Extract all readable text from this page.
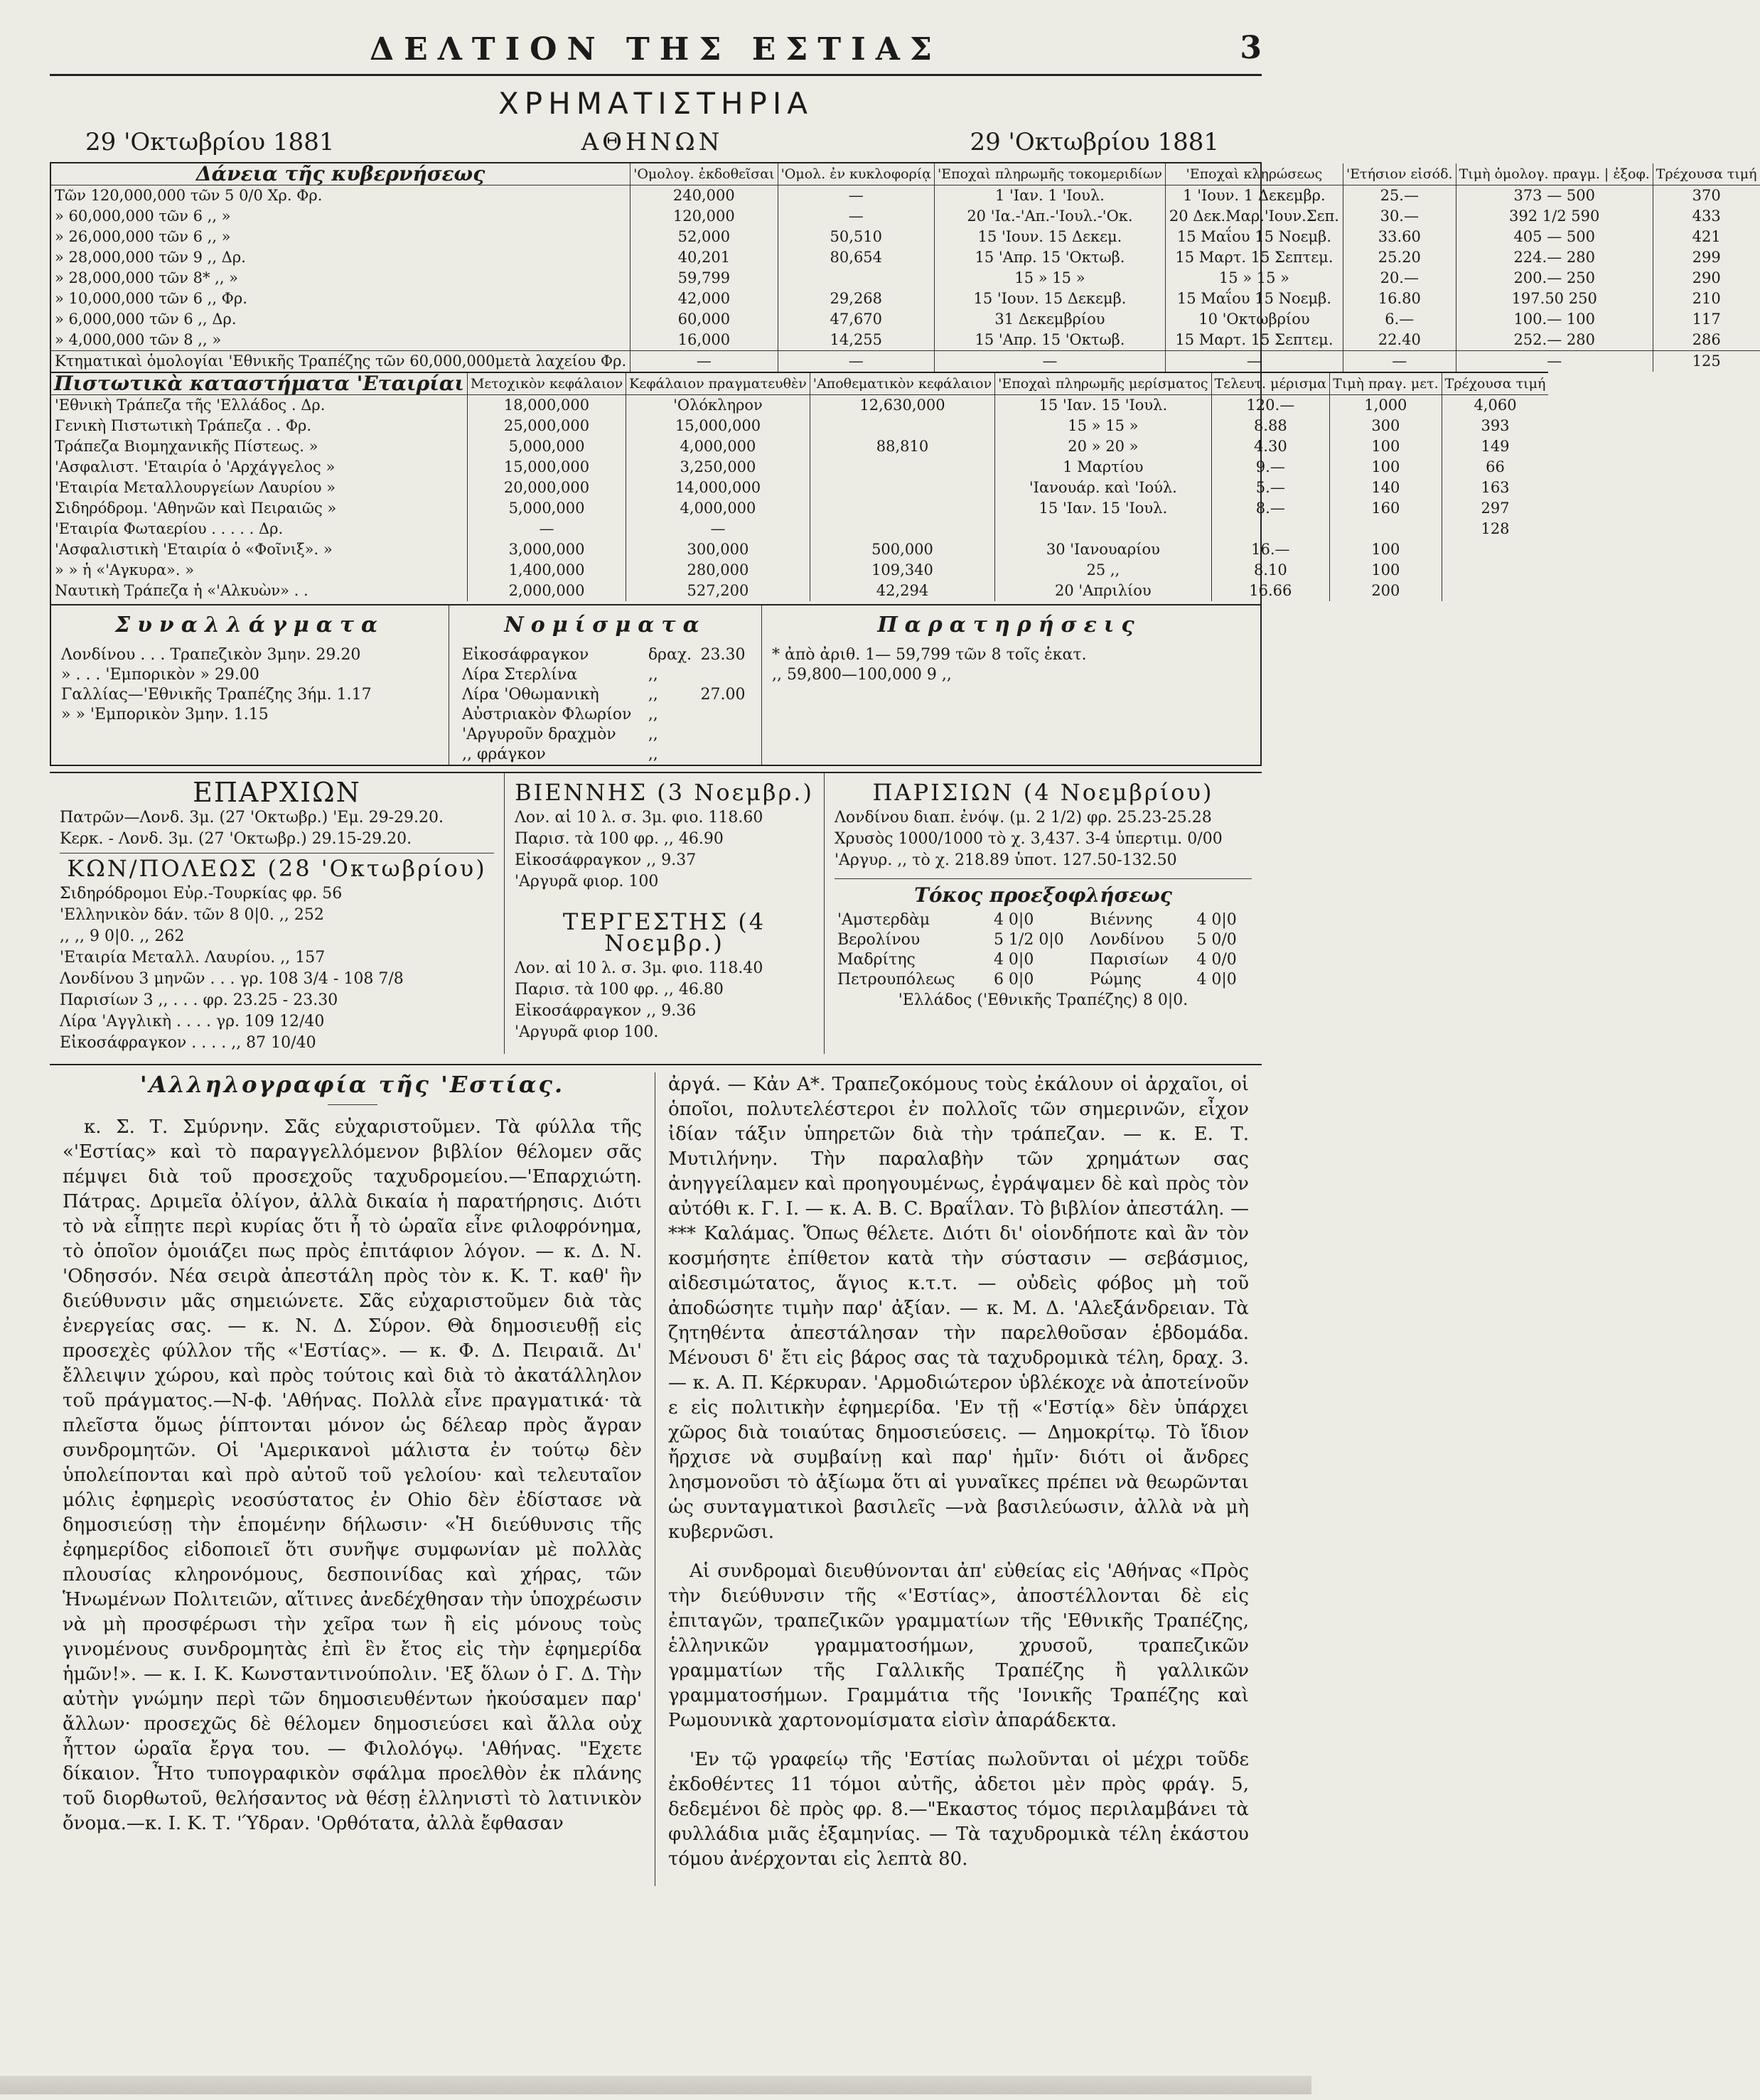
ΔΕΛΤΙΟΝ ΤΗΣ ΕΣΤΙΑΣ	3
ΧΡΗΜΑΤΙΣΤΗΡΙΑ
29 'Οκτωβρίου 1881	ΑΘΗΝΩΝ	29 'Οκτωβρίου 1881
Δάνεια τῆς κυβερνήσεως	'Ομολογ. ἐκδοθεῖσαι	'Ομολ. ἐν κυκλοφορίᾳ	'Εποχαὶ πληρωμῆς τοκομεριδίων	'Εποχαὶ κληρώσεως	'Ετήσιον εἰσόδ.	Τιμὴ ὁμολογ. πραγμ. | ἐξοφ.	Τρέχουσα τιμή
Τῶν 120,000,000 τῶν 5 0/0 Χρ. Φρ.	240,000	—	1 'Ιαν. 1 'Ιουλ.	1 'Ιουν. 1 Δεκεμβρ.	25.—	373 — 500	370
» 60,000,000 τῶν 6 ,, »	120,000	—	20 'Ια.-'Απ.-'Ιουλ.-'Οκ.	20 Δεκ.Μαρ.'Ιουν.Σεπ.	30.—	392 1/2 590	433
» 26,000,000 τῶν 6 ,, »	52,000	50,510	15 'Ιουν. 15 Δεκεμ.	15 Μαΐου 15 Νοεμβ.	33.60	405 — 500	421
» 28,000,000 τῶν 9 ,, Δρ.	40,201	80,654	15 'Απρ. 15 'Οκτωβ.	15 Μαρτ. 15 Σεπτεμ.	25.20	224.— 280	299
» 28,000,000 τῶν 8* ,, »	59,799		15 » 15 »	15 » 15 »	20.—	200.— 250	290
» 10,000,000 τῶν 6 ,, Φρ.	42,000	29,268	15 'Ιουν. 15 Δεκεμβ.	15 Μαΐου 15 Νοεμβ.	16.80	197.50 250	210
» 6,000,000 τῶν 6 ,, Δρ.	60,000	47,670	31 Δεκεμβρίου	10 'Οκτωβρίου	6.—	100.— 100	117
» 4,000,000 τῶν 8 ,, »	16,000	14,255	15 'Απρ. 15 'Οκτωβ.	15 Μαρτ. 15 Σεπτεμ.	22.40	252.— 280	286
Κτηματικαὶ ὁμολογίαι 'Εθνικῆς Τραπέζης τῶν 60,000,000μετὰ λαχείου Φρ.	—	—	—	—	—	—	125
Πιστωτικὰ καταστήματα 'Εταιρίαι	Μετοχικὸν κεφάλαιον	Κεφάλαιον πραγματευθὲν	'Αποθεματικὸν κεφάλαιον	'Εποχαὶ πληρωμῆς μερίσματος	Τελευτ. μέρισμα	Τιμὴ πραγ. μετ.	Τρέχουσα τιμή
'Εθνικὴ Τράπεζα τῆς 'Ελλάδος . Δρ.	18,000,000	'Ολόκληρον	12,630,000	15 'Ιαν. 15 'Ιουλ.	120.—	1,000	4,060
Γενικὴ Πιστωτικὴ Τράπεζα . . Φρ.	25,000,000	15,000,000		15 » 15 »	8.88	300	393
Τράπεζα Βιομηχανικῆς Πίστεως. »	5,000,000	4,000,000	88,810	20 » 20 »	4.30	100	149
'Ασφαλιστ. 'Εταιρία ὁ 'Αρχάγγελος »	15,000,000	3,250,000		1 Μαρτίου	9.—	100	66
'Εταιρία Μεταλλουργείων Λαυρίου »	20,000,000	14,000,000		'Ιανουάρ. καὶ 'Ιούλ.	5.—	140	163
Σιδηρόδρομ. 'Αθηνῶν καὶ Πειραιῶς »	5,000,000	4,000,000		15 'Ιαν. 15 'Ιουλ.	8.—	160	297
'Εταιρία Φωταερίου . . . . . Δρ.	—	—					128
'Ασφαλιστικὴ 'Εταιρία ὁ «Φοῖνιξ». »	3,000,000	300,000	500,000	30 'Ιανουαρίου	16.—	100	
» » ἡ «'Αγκυρα». »	1,400,000	280,000	109,340	25 ,,	8.10	100	
Ναυτικὴ Τράπεζα ἡ «'Αλκυὼν» . .	2,000,000	527,200	42,294	20 'Απριλίου	16.66	200	
Συναλλάγματα
Λονδίνου . . . Τραπεζικὸν 3μην. 29.20
» . . . 'Εμπορικὸν » 29.00
Γαλλίας—'Εθνικῆς Τραπέζης 3ήμ. 1.17
» » 'Εμπορικὸν 3μην. 1.15
Νομίσματα
Εἰκοσάφραγκον	δραχ.	23.30
Λίρα Στερλίνα	,,	
Λίρα 'Οθωμανικὴ	,,	27.00
Αὐστριακὸν Φλωρίον	,,	
'Αργυροῦν δραχμὸν	,,	
,, φράγκον	,,	
Παρατηρήσεις
* ἀπὸ ἀριθ. 1— 59,799 τῶν 8 τοῖς ἑκατ.
,, 59,800—100,000 9 ,,
ΕΠΑΡΧΙΩΝ
Πατρῶν—Λονδ. 3μ. (27 'Οκτωβρ.) 'Εμ. 29-29.20.
Κερκ. - Λονδ. 3μ. (27 'Οκτωβρ.) 29.15-29.20.
ΚΩΝ/ΠΟΛΕΩΣ (28 'Οκτωβρίου)
Σιδηρόδρομοι Εὐρ.-Τουρκίας φρ. 56
'Ελληνικὸν δάν. τῶν 8 0|0. ,, 252
,, ,, 9 0|0. ,, 262
'Εταιρία Μεταλλ. Λαυρίου. ,, 157
Λονδίνου 3 μηνῶν . . . γρ. 108 3/4 - 108 7/8
Παρισίων 3 ,, . . . φρ. 23.25 - 23.30
Λίρα 'Αγγλικὴ . . . . γρ. 109 12/40
Εἰκοσάφραγκον . . . . ,, 87 10/40
ΒΙΕΝΝΗΣ (3 Νοεμβρ.)
Λον. αἱ 10 λ. σ. 3μ. φιο. 118.60
Παρισ. τὰ 100 φρ. ,, 46.90
Εἰκοσάφραγκον ,, 9.37
'Αργυρᾶ φιορ. 100
ΤΕΡΓΕΣΤΗΣ (4 Νοεμβρ.)
Λον. αἱ 10 λ. σ. 3μ. φιο. 118.40
Παρισ. τὰ 100 φρ. ,, 46.80
Εἰκοσάφραγκον ,, 9.36
'Αργυρᾶ φιορ 100.
ΠΑΡΙΣΙΩΝ (4 Νοεμβρίου)
Λονδίνου διαπ. ἐνόψ. (μ. 2 1/2) φρ. 25.23-25.28
Χρυσὸς 1000/1000 τὸ χ. 3,437. 3-4 ὑπερτιμ. 0/00
'Αργυρ. ,, τὸ χ. 218.89 ὑποτ. 127.50-132.50
Τόκος προεξοφλήσεως
'Αμστερδὰμ	4 0|0	Βιέννης	4 0|0
Βερολίνου	5 1/2 0|0	Λονδίνου	5 0/0
Μαδρίτης	4 0|0	Παρισίων	4 0/0
Πετρουπόλεως	6 0|0	Ρώμης	4 0|0
'Ελλάδος ('Εθνικῆς Τραπέζης) 8 0|0.
'Αλληλογραφία τῆς 'Εστίας.

κ. Σ. Τ. Σμύρνην. Σᾶς εὐχαριστοῦμεν. Τὰ φύλλα τῆς «'Εστίας» καὶ τὸ παραγγελλόμενον βιβλίον θέλομεν σᾶς πέμψει διὰ τοῦ προσεχοῦς ταχυδρομείου.—'Επαρχιώτη. Πάτρας. Δριμεῖα ὀλίγον, ἀλλὰ δικαία ἡ παρατήρησις. Διότι τὸ νὰ εἶπῃτε περὶ κυρίας ὅτι ἦ τὸ ὡραῖα εἶνε φιλοφρόνημα, τὸ ὁποῖον ὁμοιάζει πως πρὸς ἐπιτάφιον λόγον. — κ. Δ. Ν. 'Οδησσόν. Νέα σειρὰ ἀπεστάλη πρὸς τὸν κ. Κ. Τ. καθ' ἣν διεύθυνσιν μᾶς σημειώνετε. Σᾶς εὐχαριστοῦμεν διὰ τὰς ἐνεργείας σας. — κ. Ν. Δ. Σύρον. Θὰ δημοσιευθῇ εἰς προσεχὲς φύλλον τῆς «'Εστίας». — κ. Φ. Δ. Πειραιᾶ. Δι' ἔλλειψιν χώρου, καὶ πρὸς τούτοις καὶ διὰ τὸ ἀκατάλληλον τοῦ πράγματος.—Ν-ϕ. 'Αθήνας. Πολλὰ εἶνε πραγματικά· τὰ πλεῖστα ὅμως ῥίπτονται μόνον ὡς δέλεαρ πρὸς ἄγραν συνδρομητῶν. Οἱ 'Αμερικανοὶ μάλιστα ἐν τούτῳ δὲν ὑπολείπονται καὶ πρὸ αὐτοῦ τοῦ γελοίου· καὶ τελευταῖον μόλις ἐφημερὶς νεοσύστατος ἐν Ohio δὲν ἐδίστασε νὰ δημοσιεύσῃ τὴν ἑπομένην δήλωσιν· «Ἡ διεύθυνσις τῆς ἐφημερίδος εἰδοποιεῖ ὅτι συνῆψε συμφωνίαν μὲ πολλὰς πλουσίας κληρονόμους, δεσποινίδας καὶ χήρας, τῶν Ἡνωμένων Πολιτειῶν, αἵτινες ἀνεδέχθησαν τὴν ὑποχρέωσιν νὰ μὴ προσφέρωσι τὴν χεῖρα των ἢ εἰς μόνους τοὺς γινομένους συνδρομητὰς ἐπὶ ἓν ἔτος εἰς τὴν ἐφημερίδα ἡμῶν!». — κ. Ι. Κ. Κωνσταντινούπολιν. 'Εξ ὅλων ὁ Γ. Δ. Τὴν αὐτὴν γνώμην περὶ τῶν δημοσιευθέντων ἠκούσαμεν παρ' ἄλλων· προσεχῶς δὲ θέλομεν δημοσιεύσει καὶ ἄλλα οὐχ ἧττον ὡραῖα ἔργα του. — Φιλολόγῳ. 'Αθήνας. "Εχετε δίκαιον. Ἦτο τυπογραφικὸν σφάλμα προελθὸν ἐκ πλάνης τοῦ διορθωτοῦ, θελήσαντος νὰ θέσῃ ἑλληνιστὶ τὸ λατινικὸν ὄνομα.—κ. Ι. Κ. Τ. 'Ύδραν. 'Ορθότατα, ἀλλὰ ἔφθασαν

ἀργά. — Κἀν Α*. Τραπεζοκόμους τοὺς ἐκάλουν οἱ ἀρχαῖοι, οἱ ὁποῖοι, πολυτελέστεροι ἐν πολλοῖς τῶν σημερινῶν, εἶχον ἰδίαν τάξιν ὑπηρετῶν διὰ τὴν τράπεζαν. — κ. Ε. Τ. Μυτιλήνην. Τὴν παραλαβὴν τῶν χρημάτων σας ἀνηγγείλαμεν καὶ προηγουμένως, ἐγράψαμεν δὲ καὶ πρὸς τὸν αὐτόθι κ. Γ. Ι. — κ. Α. Β. C. Βραΐλαν. Τὸ βιβλίον ἀπεστάλη. — *** Καλάμας. Ὅπως θέλετε. Διότι δι' οἱονδήποτε καὶ ἂν τὸν κοσμήσητε ἐπίθετον κατὰ τὴν σύστασιν — σεβάσμιος, αἰδεσιμώτατος, ἅγιος κ.τ.τ. — οὐδεὶς φόβος μὴ τοῦ ἀποδώσητε τιμὴν παρ' ἀξίαν. — κ. Μ. Δ. 'Αλεξάνδρειαν. Τὰ ζητηθέντα ἀπεστάλησαν τὴν παρελθοῦσαν ἑβδομάδα. Μένουσι δ' ἔτι εἰς βάρος σας τὰ ταχυδρομικὰ τέλη, δραχ. 3. — κ. Α. Π. Κέρκυραν. 'Αρμοδιώτερον ὑβλέκοχε νὰ ἀποτείνοῦν ε εἰς πολιτικὴν ἐφημερίδα. 'Εν τῇ «'Εστίᾳ» δὲν ὑπάρχει χῶρος διὰ τοιαύτας δημοσιεύσεις. — Δημοκρίτῳ. Τὸ ἴδιον ἤρχισε νὰ συμβαίνῃ καὶ παρ' ἡμῖν· διότι οἱ ἄνδρες λησμονοῦσι τὸ ἀξίωμα ὅτι αἱ γυναῖκες πρέπει νὰ θεωρῶνται ὡς συνταγματικοὶ βασιλεῖς —νὰ βασιλεύωσιν, ἀλλὰ νὰ μὴ κυβερνῶσι.

Αἱ συνδρομαὶ διευθύνονται ἀπ' εὐθείας εἰς 'Αθήνας «Πρὸς τὴν διεύθυνσιν τῆς «'Εστίας», ἀποστέλλονται δὲ εἰς ἐπιταγῶν, τραπεζικῶν γραμματίων τῆς 'Εθνικῆς Τραπέζης, ἑλληνικῶν γραμματοσήμων, χρυσοῦ, τραπεζικῶν γραμματίων τῆς Γαλλικῆς Τραπέζης ἢ γαλλικῶν γραμματοσήμων. Γραμμάτια τῆς 'Ιονικῆς Τραπέζης καὶ Ρωμουνικὰ χαρτονομίσματα εἰσὶν ἀπαράδεκτα.

'Εν τῷ γραφείῳ τῆς 'Εστίας πωλοῦνται οἱ μέχρι τοῦδε ἐκδοθέντες 11 τόμοι αὐτῆς, ἀδετοι μὲν πρὸς φράγ. 5, δεδεμένοι δὲ πρὸς φρ. 8.—"Εκαστος τόμος περιλαμβάνει τὰ φυλλάδια μιᾶς ἑξαμηνίας. — Τὰ ταχυδρομικὰ τέλη ἑκάστου τόμου ἀνέρχονται εἰς λεπτὰ 80.
